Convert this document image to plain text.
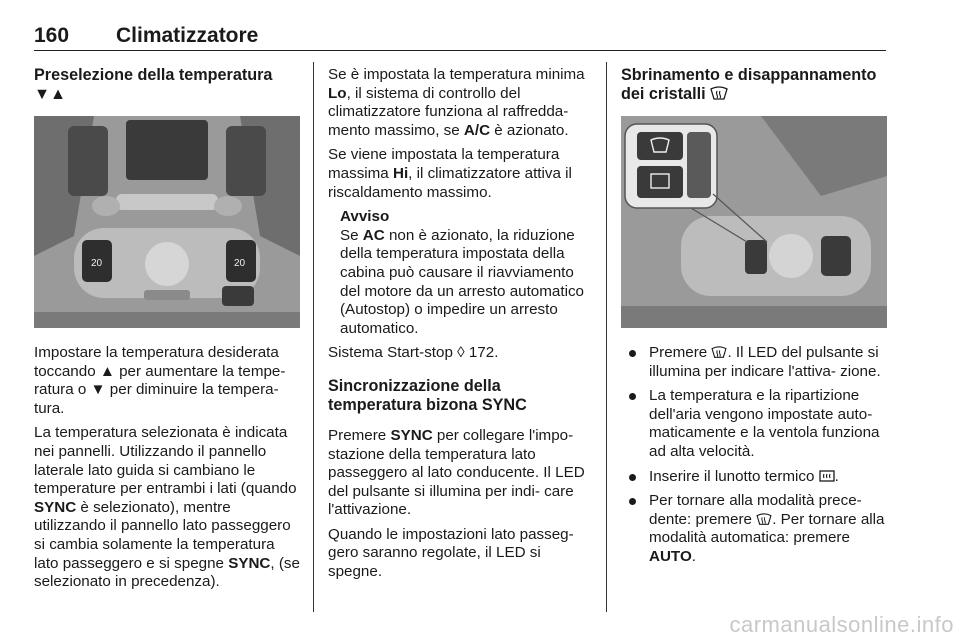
160 Climatizzatore
Preselezione della temperatura ▼▲
20	20

Impostare la temperatura desiderata toccando ▲ per aumentare la tempe- ratura o ▼ per diminuire la tempera- tura.

La temperatura selezionata è indicata nei pannelli. Utilizzando il pannello laterale lato guida si cambiano le temperature per entrambi i lati (quando SYNC è selezionato), mentre utilizzando il pannello lato passeggero si cambia solamente la temperatura lato passeggero e si spegne SYNC, (se selezionato in precedenza).

Se è impostata la temperatura minima Lo, il sistema di controllo del climatizzatore funziona al raffredda- mento massimo, se A/C è azionato.

Se viene impostata la temperatura massima Hi, il climatizzatore attiva il riscaldamento massimo.

Avviso
Se AC non è azionato, la riduzione della temperatura impostata della cabina può causare il riavviamento del motore da un arresto automatico (Autostop) o impedire un arresto automatico.

Sistema Start-stop ◊ 172.

Sincronizzazione della temperatura bizona SYNC

Premere SYNC per collegare l'impo- stazione della temperatura lato passeggero al lato conducente. Il LED del pulsante si illumina per indi- care l'attivazione.

Quando le impostazioni lato passeg- gero saranno regolate, il LED si spegne.

Sbrinamento e disappannamento dei cristalli
Premere . Il LED del pulsante si illumina per indicare l'attiva- zione.
La temperatura e la ripartizione dell'aria vengono impostate auto- maticamente e la ventola funziona ad alta velocità.
Inserire il lunotto termico .
Per tornare alla modalità prece- dente: premere . Per tornare alla modalità automatica: premere AUTO.
carmanualsonline.info
